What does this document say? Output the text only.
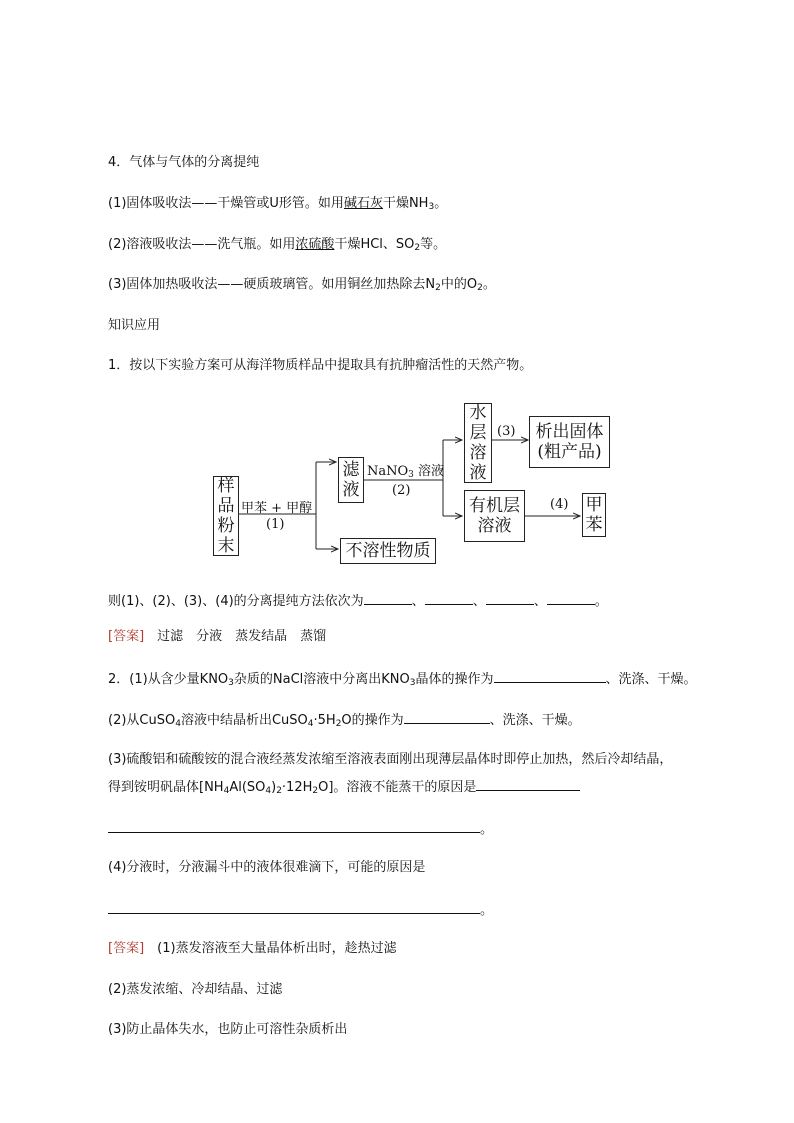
4．气体与气体的分离提纯
(1)固体吸收法——干燥管或U形管。如用碱石灰干燥$NH_3$。
(2)溶液吸收法——洗气瓶。如用浓硫酸干燥HCl、$SO_2$等。
(3)固体加热吸收法——硬质玻璃管。如用铜丝加热除去$N_2$中的$O_2$。
知识应用
1．按以下实验方案可从海洋物质样品中提取具有抗肿瘤活性的天然产物。
样
品
粉
末
滤
液
水
层
溶
液
析出固体
(粗产品)
有机层
溶液
甲
苯
不溶性物质
甲苯 + 甲醇
(1)
NaNO$_3$ 溶液
(2)
(3)
(4)
则(1)、(2)、(3)、(4)的分离提纯方法依次为	、	、	、	。
[答案]　 过滤　分液　蒸发结晶　蒸馏
2．(1)从含少量$KNO_3$杂质的NaCl溶液中分离出$KNO_3$晶体的操作为	、洗涤、干燥。
(2)从CuSO$_4$溶液中结晶析出$CuSO_4\cdot 5H_2O$的操作为	、洗涤、干燥。
(3)硫酸铝和硫酸铵的混合液经蒸发浓缩至溶液表面刚出现薄层晶体时即停止加热，然后冷却结晶，
得到铵明矾晶体$[NH_4Al(SO_4)_2\cdot 12H_2O]$。溶液不能蒸干的原因是
。
(4)分液时，分液漏斗中的液体很难滴下，可能的原因是
。
[答案]　 (1)蒸发溶液至大量晶体析出时，趁热过滤
(2)蒸发浓缩、冷却结晶、过滤
(3)防止晶体失水，也防止可溶性杂质析出
